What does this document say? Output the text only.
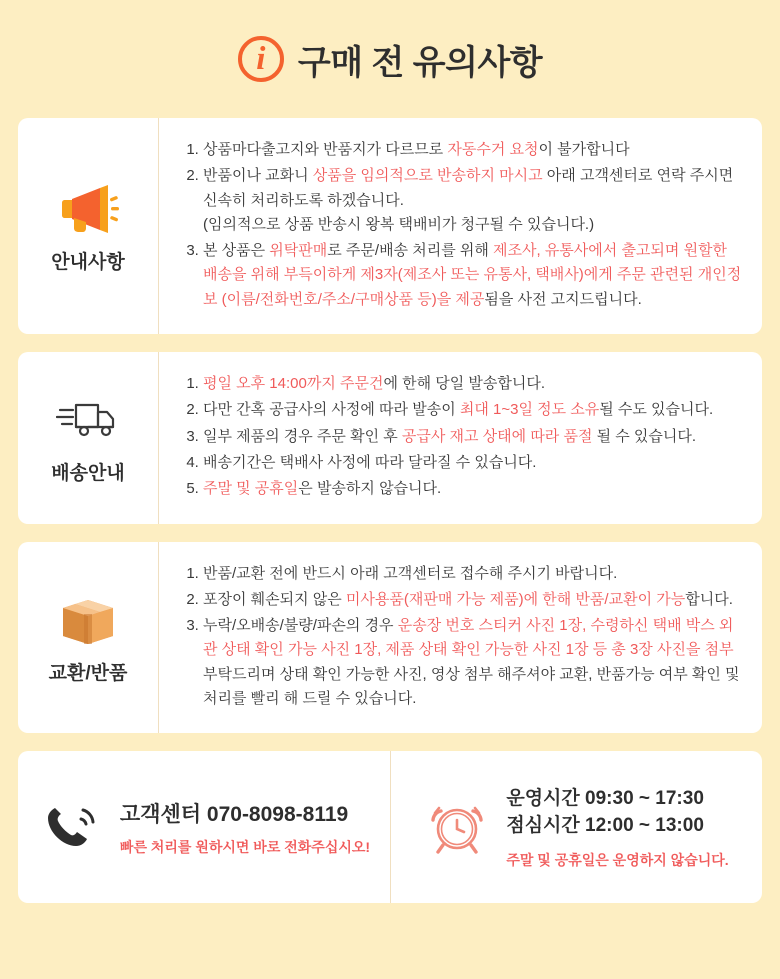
i 구매 전 유의사항
안내사항
1. 상품마다출고지와 반품지가 다르므로 자동수거 요청이 불가합니다
2. 반품이나 교화니 상품을 임의적으로 반송하지 마시고 아래 고객센터로 연락 주시면 신속히 처리하도록 하겠습니다.
(임의적으로 상품 반송시 왕복 택배비가 청구될 수 있습니다.)
3. 본 상품은 위탁판매로 주문/배송 처리를 위해 제조사, 유통사에서 출고되며 원할한 배송을 위해 부득이하게 제3자(제조사 또는 유통사, 택배사)에게 주문 관련된 개인정보 (이름/전화번호/주소/구매상품 등)을 제공됨을 사전 고지드립니다.
배송안내
1. 평일 오후 14:00까지 주문건에 한해 당일 발송합니다.
2. 다만 간혹 공급사의 사정에 따라 발송이 최대 1~3일 정도 소유될 수도 있습니다.
3. 일부 제품의 경우 주문 확인 후 공급사 재고 상태에 따라 품절 될 수 있습니다.
4. 배송기간은 택배사 사정에 따라 달라질 수 있습니다.
5. 주말 및 공휴일은 발송하지 않습니다.
교환/반품
1. 반품/교환 전에 반드시 아래 고객센터로 접수해 주시기 바랍니다.
2. 포장이 훼손되지 않은 미사용품(재판매 가능 제품)에 한해 반품/교환이 가능합니다.
3. 누락/오배송/불량/파손의 경우 운송장 번호 스티커 사진 1장, 수령하신 택배 박스 외관 상태 확인 가능 사진 1장, 제품 상태 확인 가능한 사진 1장 등 총 3장 사진을 첨부 부탁드리며 상태 확인 가능한 사진, 영상 첨부 해주셔야 교환, 반품가능 여부 확인 및 처리를 빨리 해 드릴 수 있습니다.
고객센터 070-8098-8119
빠른 처리를 원하시면 바로 전화주십시오!
운영시간 09:30 ~ 17:30
점심시간 12:00 ~ 13:00
주말 및 공휴일은 운영하지 않습니다.
